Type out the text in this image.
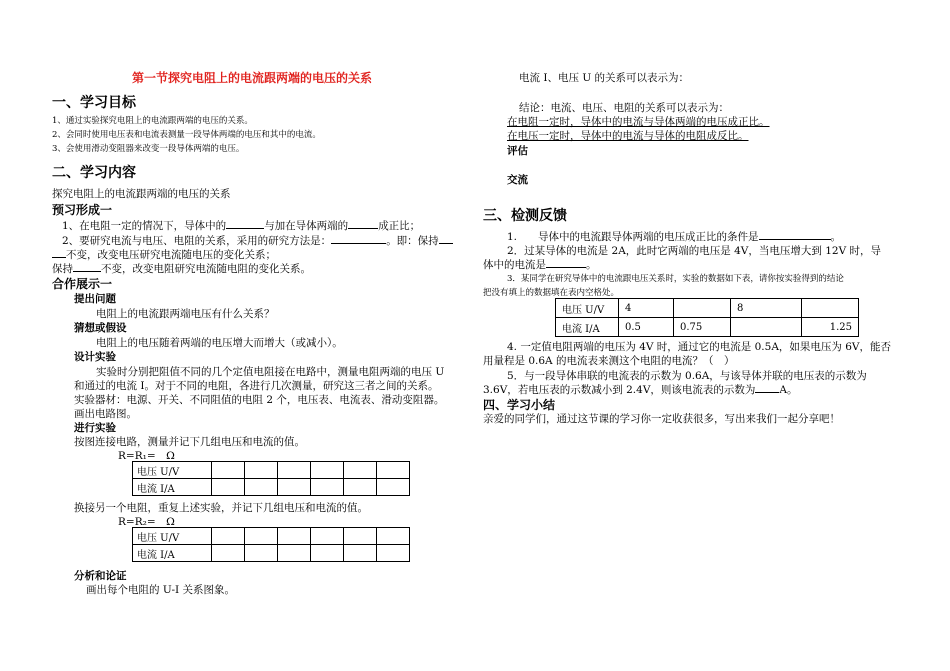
第一节探究电阻上的电流跟两端的电压的关系
一、学习目标
1、通过实验探究电阻上的电流跟两端的电压的关系。
2、会同时使用电压表和电流表测量一段导体两端的电压和其中的电流。
3、会使用滑动变阻器来改变一段导体两端的电压。
二、学习内容
探究电阻上的电流跟两端的电压的关系
预习形成一
1、在电阻一定的情况下，导体中的	与加在导体两端的	成正比；
2、要研究电流与电压、电阻的关系，采用的研究方法是：	。即：保持
不变，改变电压研究电流随电压的变化关系；
保持	不变，改变电阻研究电流随电阻的变化关系。
合作展示一
提出问题
电阻上的电流跟两端电压有什么关系？
猜想或假设
电阻上的电压随着两端的电压增大而增大（或减小）。
设计实验
实验时分别把阻值不同的几个定值电阻接在电路中，测量电阻两端的电压 U
和通过的电流 I。对于不同的电阻，各进行几次测量，研究这三者之间的关系。
实验器材：电源、开关、不同阻值的电阻 2 个，电压表、电流表、滑动变阻器。
画出电路图。
进行实验
按图连接电路，测量并记下几组电压和电流的值。
R=R₁=　Ω
电压 U/V						
电流 I/A						
换接另一个电阻，重复上述实验，并记下几组电压和电流的值。
R=R₂=　Ω
电压 U/V						
电流 I/A						
分析和论证
画出每个电阻的 U-I 关系图象。
电流 I、电压 U 的关系可以表示为：
结论：电流、电压、电阻的关系可以表示为：
在电阻一定时，导体中的电流与导体两端的电压成正比。
在电压一定时，导体中的电流与导体的电阻成反比。
评估
交流
三、检测反馈
1.　　导体中的电流跟导体两端的电压成正比的条件是	。
2．过某导体的电流是 2A，此时它两端的电压是 4V，当电压增大到 12V 时，导
体中的电流是	。
3．某同学在研究导体中的电流跟电压关系时，实验的数据如下表，请你按实验得到的结论
把没有填上的数据填在表内空格处。
电压 U/V	4		8	
电流 I/A	0.5	0.75		1.25
4. 一定值电阻两端的电压为 4V 时，通过它的电流是 0.5A，如果电压为 6V，能否
用量程是 0.6A 的电流表来测这个电阻的电流？（　）
5．与一段导体串联的电流表的示数为 0.6A，与该导体并联的电压表的示数为
3.6V，若电压表的示数减小到 2.4V，则该电流表的示数为 A。
四、学习小结
亲爱的同学们，通过这节课的学习你一定收获很多，写出来我们一起分享吧！
